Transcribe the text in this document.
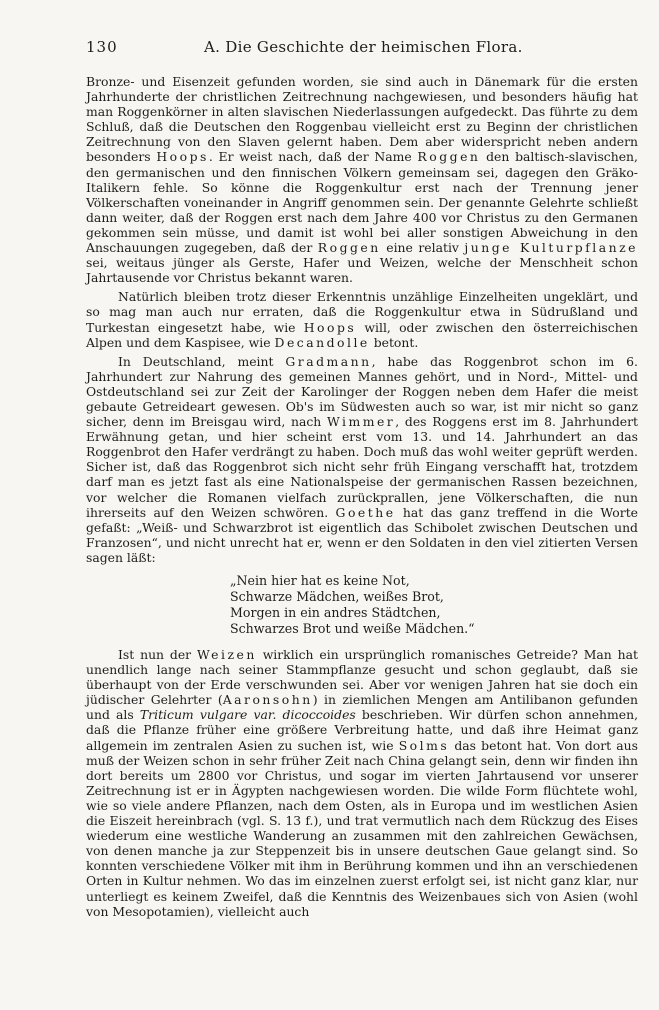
130	A. Die Geschichte der heimischen Flora.

Bronze- und Eisenzeit gefunden worden, sie sind auch in Dänemark für die ersten Jahrhunderte der christlichen Zeitrechnung nachgewiesen, und besonders häufig hat man Roggenkörner in alten slavischen Niederlassungen aufgedeckt. Das führte zu dem Schluß, daß die Deutschen den Roggenbau vielleicht erst zu Beginn der christlichen Zeitrechnung von den Slaven gelernt haben. Dem aber widerspricht neben andern besonders Hoops. Er weist nach, daß der Name Roggen den baltisch-slavischen, den germanischen und den finnischen Völkern gemeinsam sei, dagegen den Gräko-Italikern fehle. So könne die Roggenkultur erst nach der Trennung jener Völkerschaften voneinander in Angriff genommen sein. Der genannte Gelehrte schließt dann weiter, daß der Roggen erst nach dem Jahre 400 vor Christus zu den Germanen gekommen sein müsse, und damit ist wohl bei aller sonstigen Abweichung in den Anschauungen zugegeben, daß der Roggen eine relativ junge Kulturpflanze sei, weitaus jünger als Gerste, Hafer und Weizen, welche der Menschheit schon Jahrtausende vor Christus bekannt waren.

Natürlich bleiben trotz dieser Erkenntnis unzählige Einzelheiten ungeklärt, und so mag man auch nur erraten, daß die Roggenkultur etwa in Südrußland und Turkestan eingesetzt habe, wie Hoops will, oder zwischen den österreichischen Alpen und dem Kaspisee, wie Decandolle betont.

In Deutschland, meint Gradmann, habe das Roggenbrot schon im 6. Jahrhundert zur Nahrung des gemeinen Mannes gehört, und in Nord-, Mittel- und Ostdeutschland sei zur Zeit der Karolinger der Roggen neben dem Hafer die meist gebaute Getreideart gewesen. Ob's im Südwesten auch so war, ist mir nicht so ganz sicher, denn im Breisgau wird, nach Wimmer, des Roggens erst im 8. Jahrhundert Erwähnung getan, und hier scheint erst vom 13. und 14. Jahrhundert an das Roggenbrot den Hafer verdrängt zu haben. Doch muß das wohl weiter geprüft werden. Sicher ist, daß das Roggenbrot sich nicht sehr früh Eingang verschafft hat, trotzdem darf man es jetzt fast als eine Nationalspeise der germanischen Rassen bezeichnen, vor welcher die Romanen vielfach zurückprallen, jene Völkerschaften, die nun ihrerseits auf den Weizen schwören. Goethe hat das ganz treffend in die Worte gefaßt: „Weiß- und Schwarzbrot ist eigentlich das Schibolet zwischen Deutschen und Franzosen“, und nicht unrecht hat er, wenn er den Soldaten in den viel zitierten Versen sagen läßt:

„Nein hier hat es keine Not,
Schwarze Mädchen, weißes Brot,
Morgen in ein andres Städtchen,
Schwarzes Brot und weiße Mädchen.“

Ist nun der Weizen wirklich ein ursprünglich romanisches Getreide? Man hat unendlich lange nach seiner Stammpflanze gesucht und schon geglaubt, daß sie überhaupt von der Erde verschwunden sei. Aber vor wenigen Jahren hat sie doch ein jüdischer Gelehrter (Aaronsohn) in ziemlichen Mengen am Antilibanon gefunden und als Triticum vulgare var. dicoccoides beschrieben. Wir dürfen schon annehmen, daß die Pflanze früher eine größere Verbreitung hatte, und daß ihre Heimat ganz allgemein im zentralen Asien zu suchen ist, wie Solms das betont hat. Von dort aus muß der Weizen schon in sehr früher Zeit nach China gelangt sein, denn wir finden ihn dort bereits um 2800 vor Christus, und sogar im vierten Jahrtausend vor unserer Zeitrechnung ist er in Ägypten nachgewiesen worden. Die wilde Form flüchtete wohl, wie so viele andere Pflanzen, nach dem Osten, als in Europa und im westlichen Asien die Eiszeit hereinbrach (vgl. S. 13 f.), und trat vermutlich nach dem Rückzug des Eises wiederum eine westliche Wanderung an zusammen mit den zahlreichen Gewächsen, von denen manche ja zur Steppenzeit bis in unsere deutschen Gaue gelangt sind. So konnten verschiedene Völker mit ihm in Berührung kommen und ihn an verschiedenen Orten in Kultur nehmen. Wo das im einzelnen zuerst erfolgt sei, ist nicht ganz klar, nur unterliegt es keinem Zweifel, daß die Kenntnis des Weizenbaues sich von Asien (wohl von Mesopotamien), vielleicht auch
